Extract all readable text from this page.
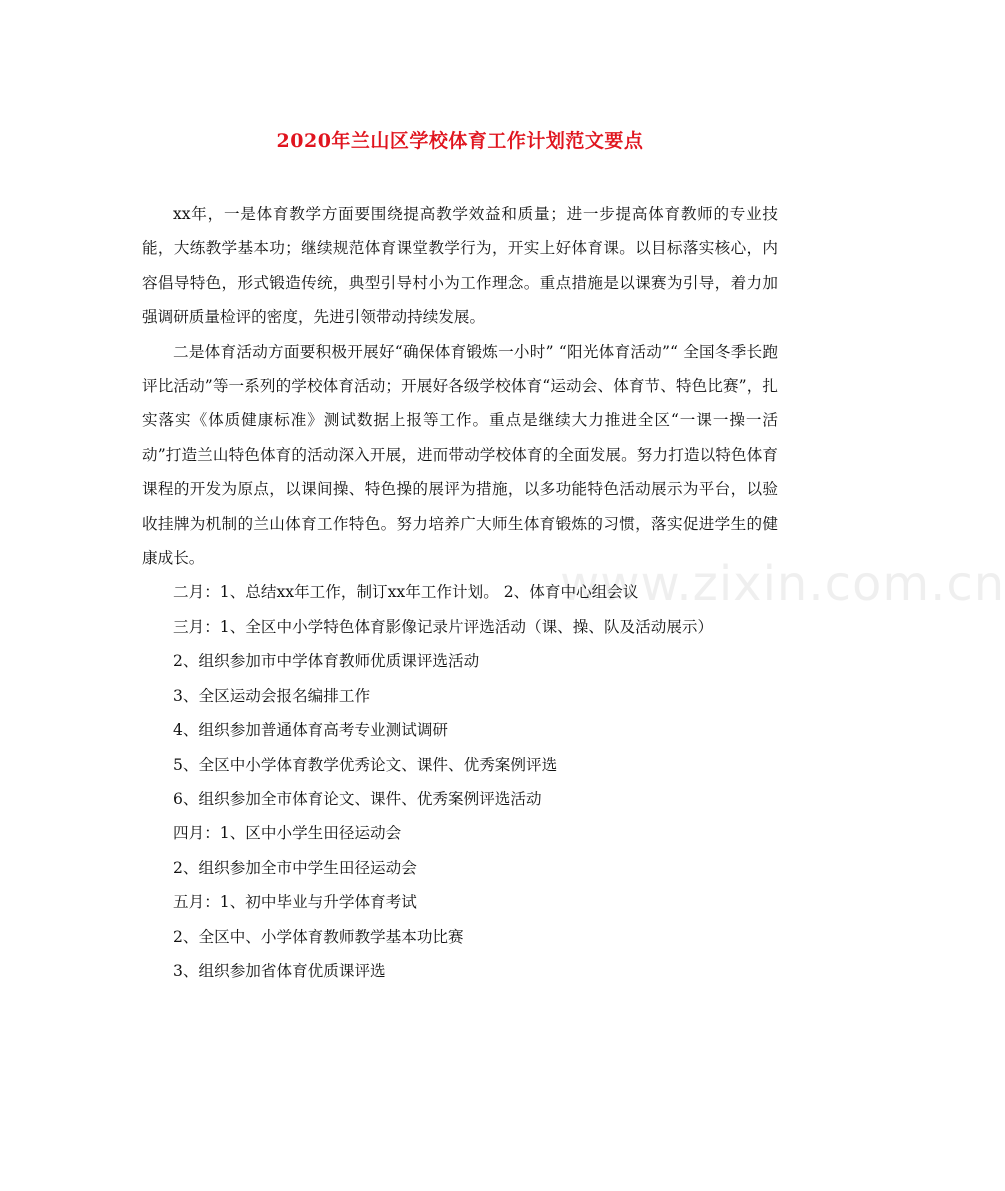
2020年兰山区学校体育工作计划范文要点

xx年，一是体育教学方面要围绕提高教学效益和质量；进一步提高体育教师的专业技能，大练教学基本功；继续规范体育课堂教学行为，开实上好体育课。以目标落实核心，内容倡导特色，形式锻造传统，典型引导村小为工作理念。重点措施是以课赛为引导，着力加强调研质量检评的密度，先进引领带动持续发展。

二是体育活动方面要积极开展好“确保体育锻炼一小时” “阳光体育活动”“ 全国冬季长跑评比活动”等一系列的学校体育活动；开展好各级学校体育“运动会、体育节、特色比赛”，扎实落实《体质健康标准》测试数据上报等工作。重点是继续大力推进全区“一课一操一活动”打造兰山特色体育的活动深入开展，进而带动学校体育的全面发展。努力打造以特色体育课程的开发为原点，以课间操、特色操的展评为措施，以多功能特色活动展示为平台，以验收挂牌为机制的兰山体育工作特色。努力培养广大师生体育锻炼的习惯，落实促进学生的健康成长。

二月：1、总结xx年工作，制订xx年工作计划。 2、体育中心组会议

三月：1、全区中小学特色体育影像记录片评选活动（课、操、队及活动展示）

2、组织参加市中学体育教师优质课评选活动

3、全区运动会报名编排工作

4、组织参加普通体育高考专业测试调研

5、全区中小学体育教学优秀论文、课件、优秀案例评选

6、组织参加全市体育论文、课件、优秀案例评选活动

四月：1、区中小学生田径运动会

2、组织参加全市中学生田径运动会

五月：1、初中毕业与升学体育考试

2、全区中、小学体育教师教学基本功比赛

3、组织参加省体育优质课评选

www.zixin.com.cn
